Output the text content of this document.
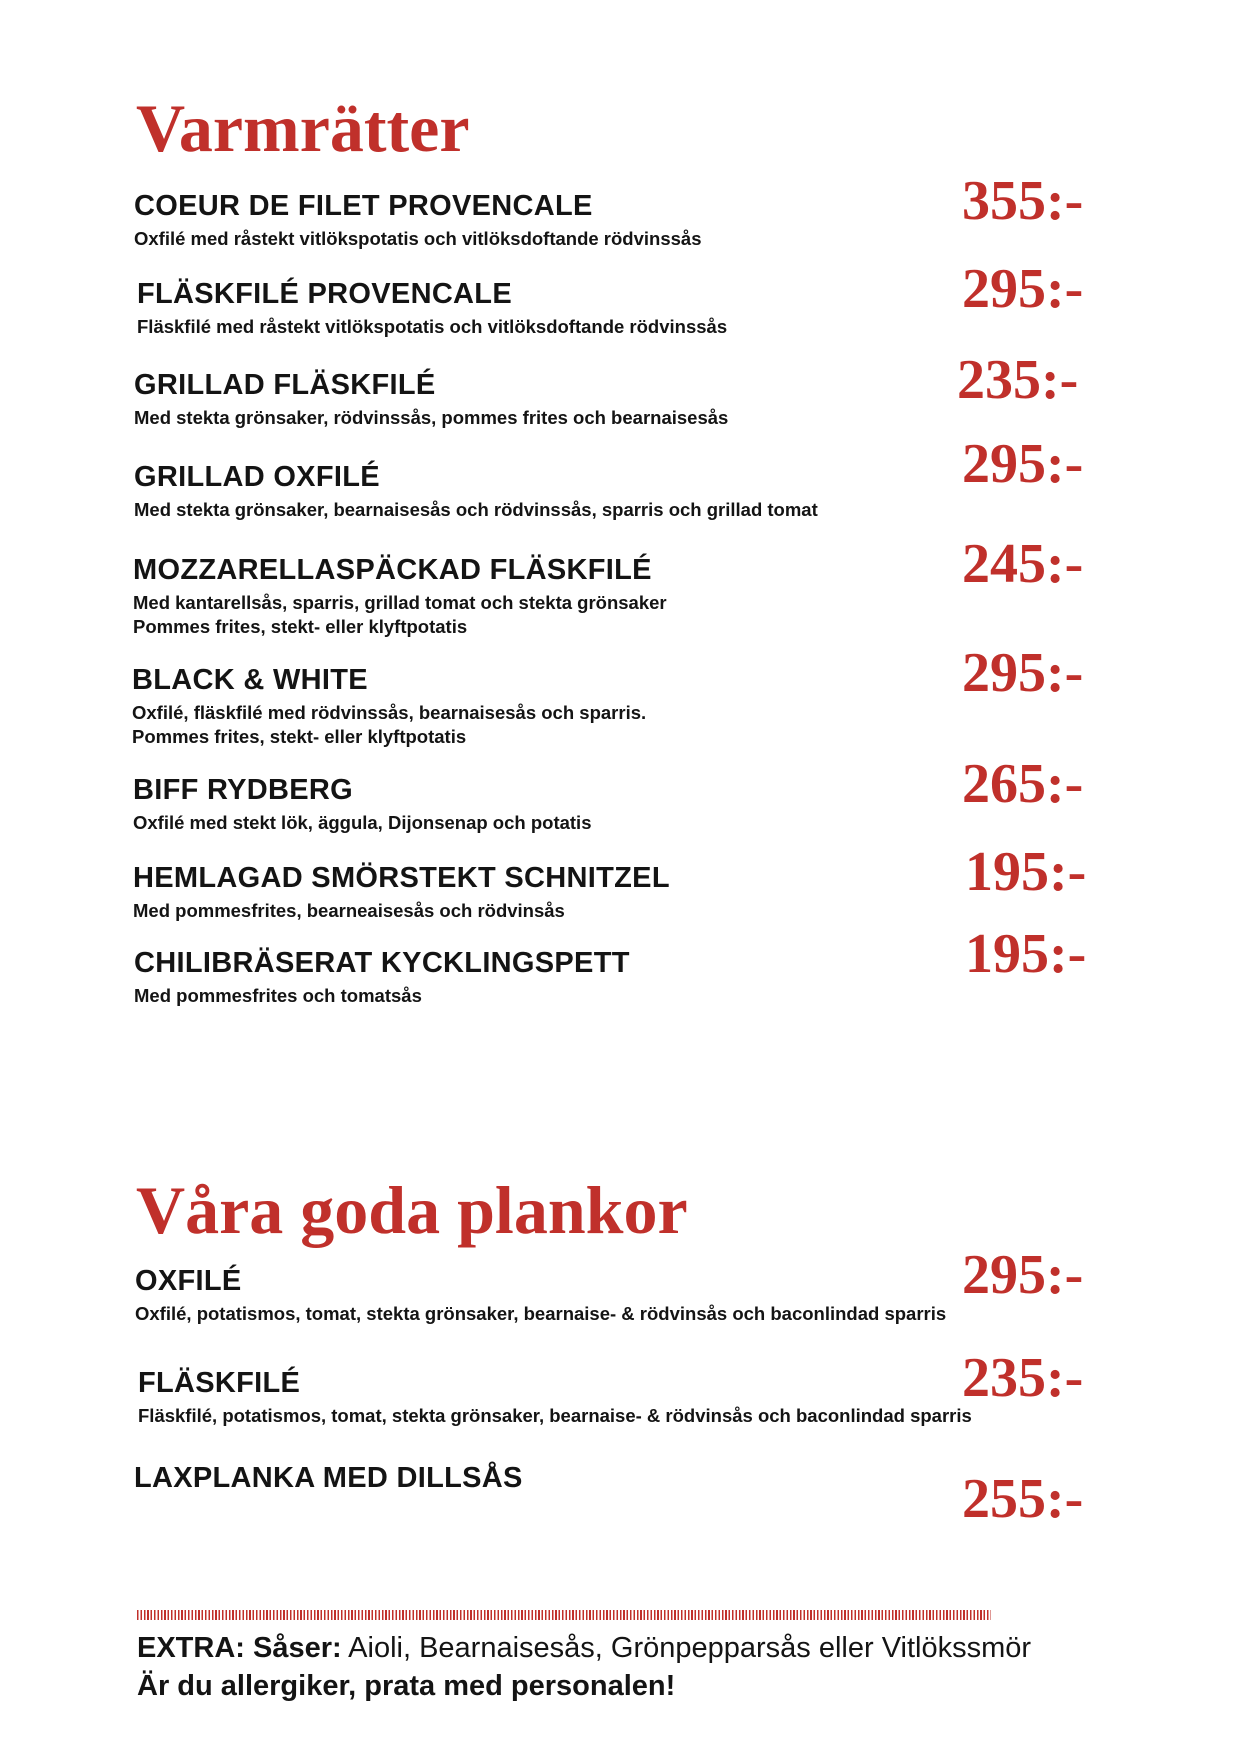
Varmrätter
COEUR DE FILET PROVENCALE
Oxfilé med råstekt vitlökspotatis och vitlöksdoftande rödvinssås
355:-
FLÄSKFILÉ PROVENCALE
Fläskfilé med råstekt vitlökspotatis och vitlöksdoftande rödvinssås
295:-
GRILLAD FLÄSKFILÉ
Med stekta grönsaker, rödvinssås, pommes frites och bearnaisesås
235:-
GRILLAD OXFILÉ
Med stekta grönsaker, bearnaisesås och rödvinssås, sparris och grillad tomat
295:-
MOZZARELLASPÄCKAD FLÄSKFILÉ
Med kantarellsås, sparris, grillad tomat och stekta grönsaker
Pommes frites, stekt- eller klyftpotatis
245:-
BLACK & WHITE
Oxfilé, fläskfilé med rödvinssås, bearnaisesås och sparris.
Pommes frites, stekt- eller klyftpotatis
295:-
BIFF RYDBERG
Oxfilé med stekt lök, äggula, Dijonsenap och potatis
265:-
HEMLAGAD SMÖRSTEKT SCHNITZEL
Med pommesfrites, bearneaisesås och rödvinsås
195:-
CHILIBRÄSERAT KYCKLINGSPETT
Med pommesfrites och tomatsås
195:-
Våra goda plankor
OXFILÉ
Oxfilé, potatismos, tomat, stekta grönsaker, bearnaise- & rödvinsås och baconlindad sparris
295:-
FLÄSKFILÉ
Fläskfilé, potatismos, tomat, stekta grönsaker, bearnaise- & rödvinsås och baconlindad sparris
235:-
LAXPLANKA MED DILLSÅS	255:-
EXTRA: Såser: Aioli, Bearnaisesås, Grönpepparsås eller Vitlökssmör
Är du allergiker, prata med personalen!
